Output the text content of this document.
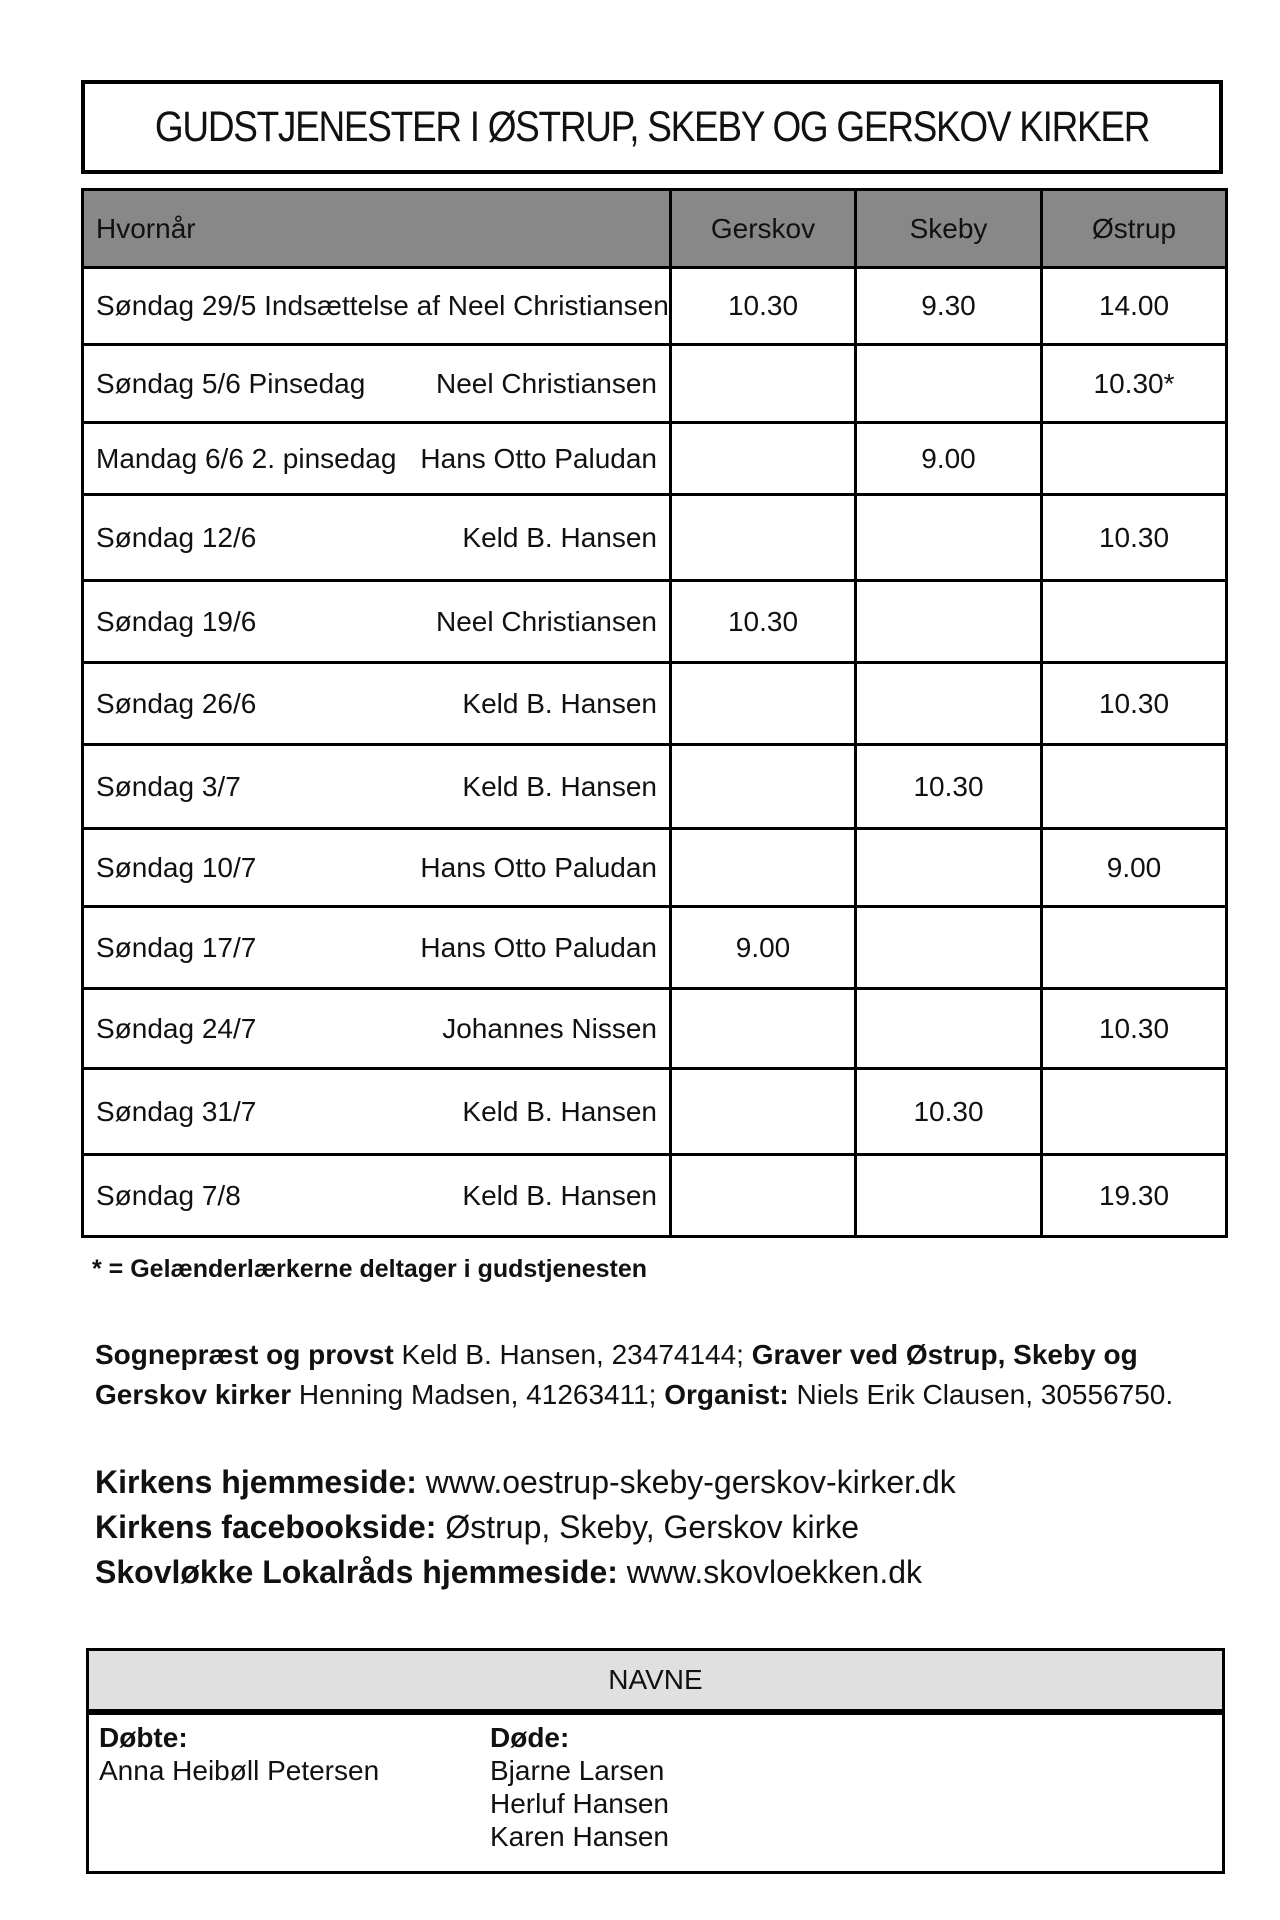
GUDSTJENESTER I ØSTRUP, SKEBY OG GERSKOV KIRKER
Hvornår	Gerskov	Skeby	Østrup

Søndag 29/5 Indsættelse af Neel Christiansen	10.30	9.30	14.00

Søndag 5/6 Pinsedag Neel Christiansen			10.30*

Mandag 6/6 2. pinsedag Hans Otto Paludan		9.00	

Søndag 12/6 Keld B. Hansen			10.30

Søndag 19/6 Neel Christiansen	10.30		

Søndag 26/6 Keld B. Hansen			10.30

Søndag 3/7 Keld B. Hansen		10.30	

Søndag 10/7 Hans Otto Paludan			9.00

Søndag 17/7 Hans Otto Paludan	9.00		

Søndag 24/7 Johannes Nissen			10.30

Søndag 31/7 Keld B. Hansen		10.30	

Søndag 7/8 Keld B. Hansen			19.30
* = Gelænderlærkerne deltager i gudstjenesten
Sognepræst og provst Keld B. Hansen, 23474144; Graver ved Østrup, Skeby og Gerskov kirker Henning Madsen, 41263411; Organist: Niels Erik Clausen, 30556750.
Kirkens hjemmeside: www.oestrup-skeby-gerskov-kirker.dk
Kirkens facebookside: Østrup, Skeby, Gerskov kirke
Skovløkke Lokalråds hjemmeside: www.skovloekken.dk
NAVNE
Døbte:
Anna Heibøll Petersen
Døde:
Bjarne Larsen
Herluf Hansen
Karen Hansen
